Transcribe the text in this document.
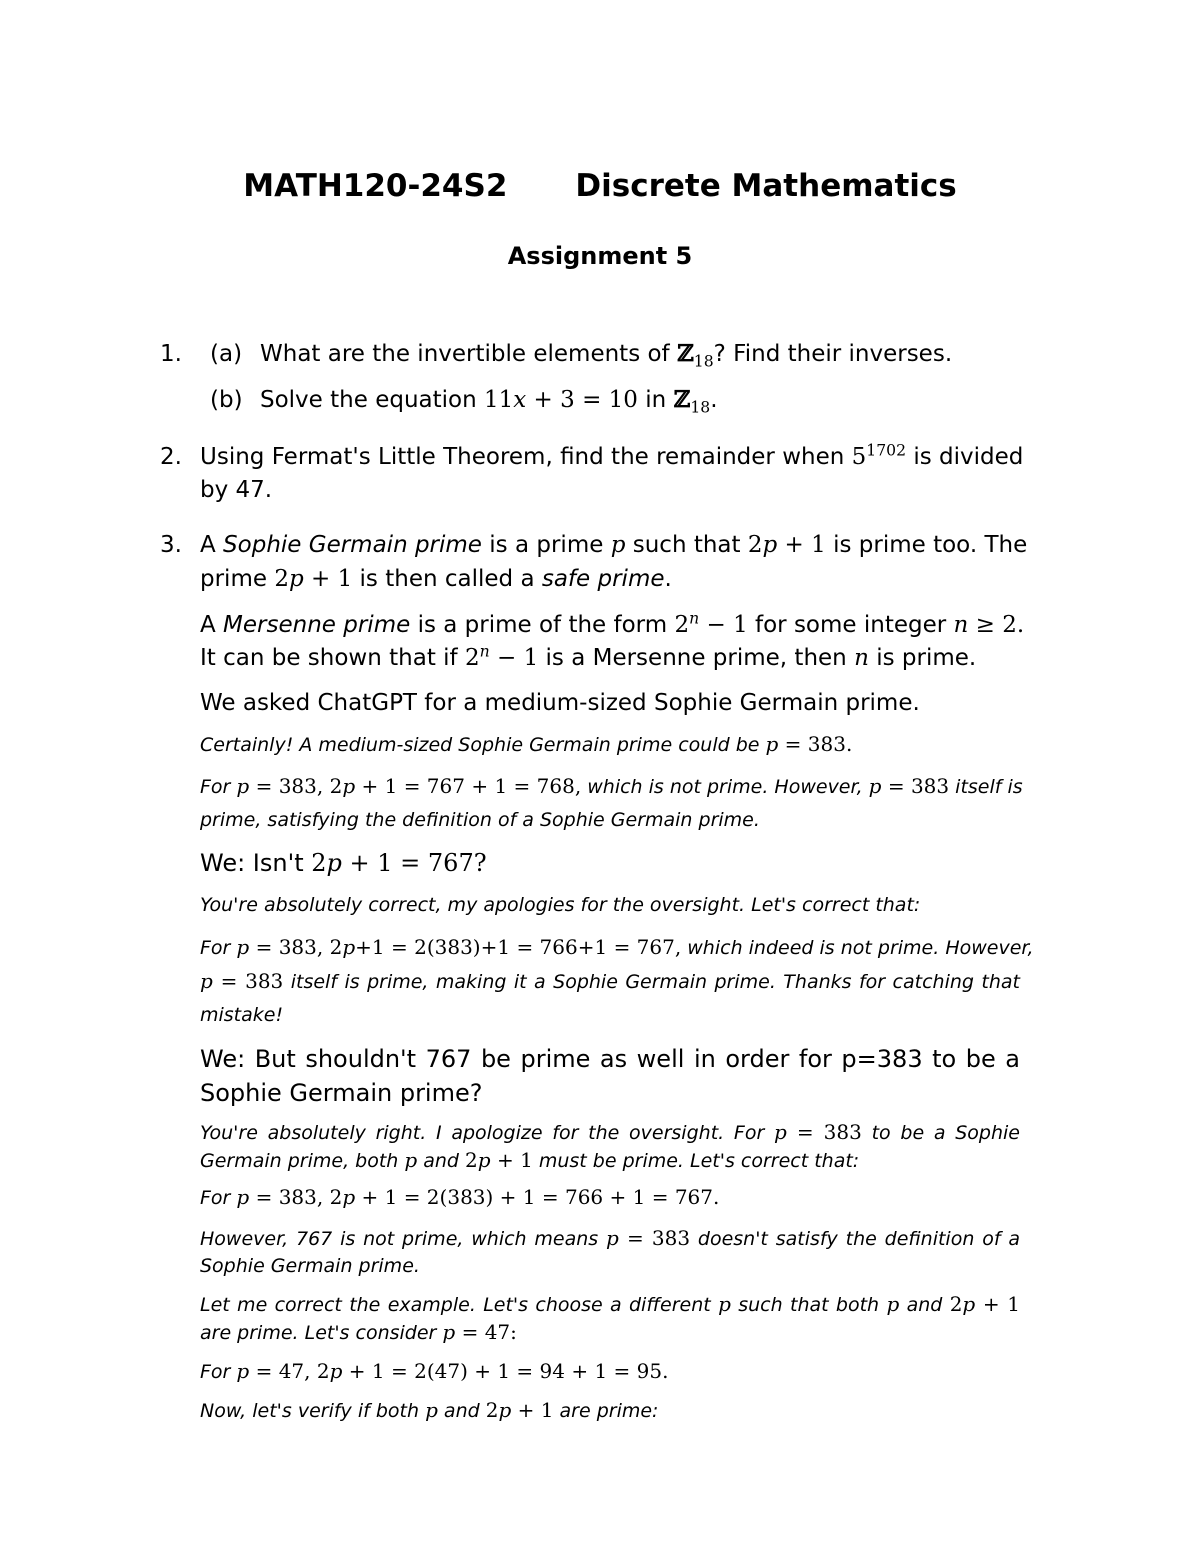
MATH120-24S2 Discrete Mathematics
Assignment 5
1. (a) What are the invertible elements of ℤ$_{18}$? Find their inverses.
(b) Solve the equation 11x + 3 = 10 in ℤ$_{18}$.
2. Using Fermat's Little Theorem, find the remainder when $5^{1702}$ is divided
by 47.
3. A Sophie Germain prime is a prime p such that 2p + 1 is prime too. The
prime 2p + 1 is then called a safe prime.
A Mersenne prime is a prime of the form $2^n - 1$ for some integer n ≥ 2.
It can be shown that if $2^n - 1$ is a Mersenne prime, then n is prime.
We asked ChatGPT for a medium-sized Sophie Germain prime.
Certainly! A medium-sized Sophie Germain prime could be p = 383.
For p = 383, 2p + 1 = 767 + 1 = 768, which is not prime. However, p = 383 itself is
prime, satisfying the definition of a Sophie Germain prime.
We: Isn't 2p + 1 = 767?
You're absolutely correct, my apologies for the oversight. Let's correct that:
For p = 383, 2p+1 = 2(383)+1 = 766+1 = 767, which indeed is not prime. However,
p = 383 itself is prime, making it a Sophie Germain prime. Thanks for catching that
mistake!
We: But shouldn't 767 be prime as well in order for p=383 to be a
Sophie Germain prime?
You're absolutely right. I apologize for the oversight. For p = 383 to be a Sophie
Germain prime, both p and 2p + 1 must be prime. Let's correct that:
For p = 383, 2p + 1 = 2(383) + 1 = 766 + 1 = 767.
However, 767 is not prime, which means p = 383 doesn't satisfy the definition of a
Sophie Germain prime.
Let me correct the example. Let's choose a different p such that both p and 2p + 1
are prime. Let's consider p = 47:
For p = 47, 2p + 1 = 2(47) + 1 = 94 + 1 = 95.
Now, let's verify if both p and 2p + 1 are prime:
